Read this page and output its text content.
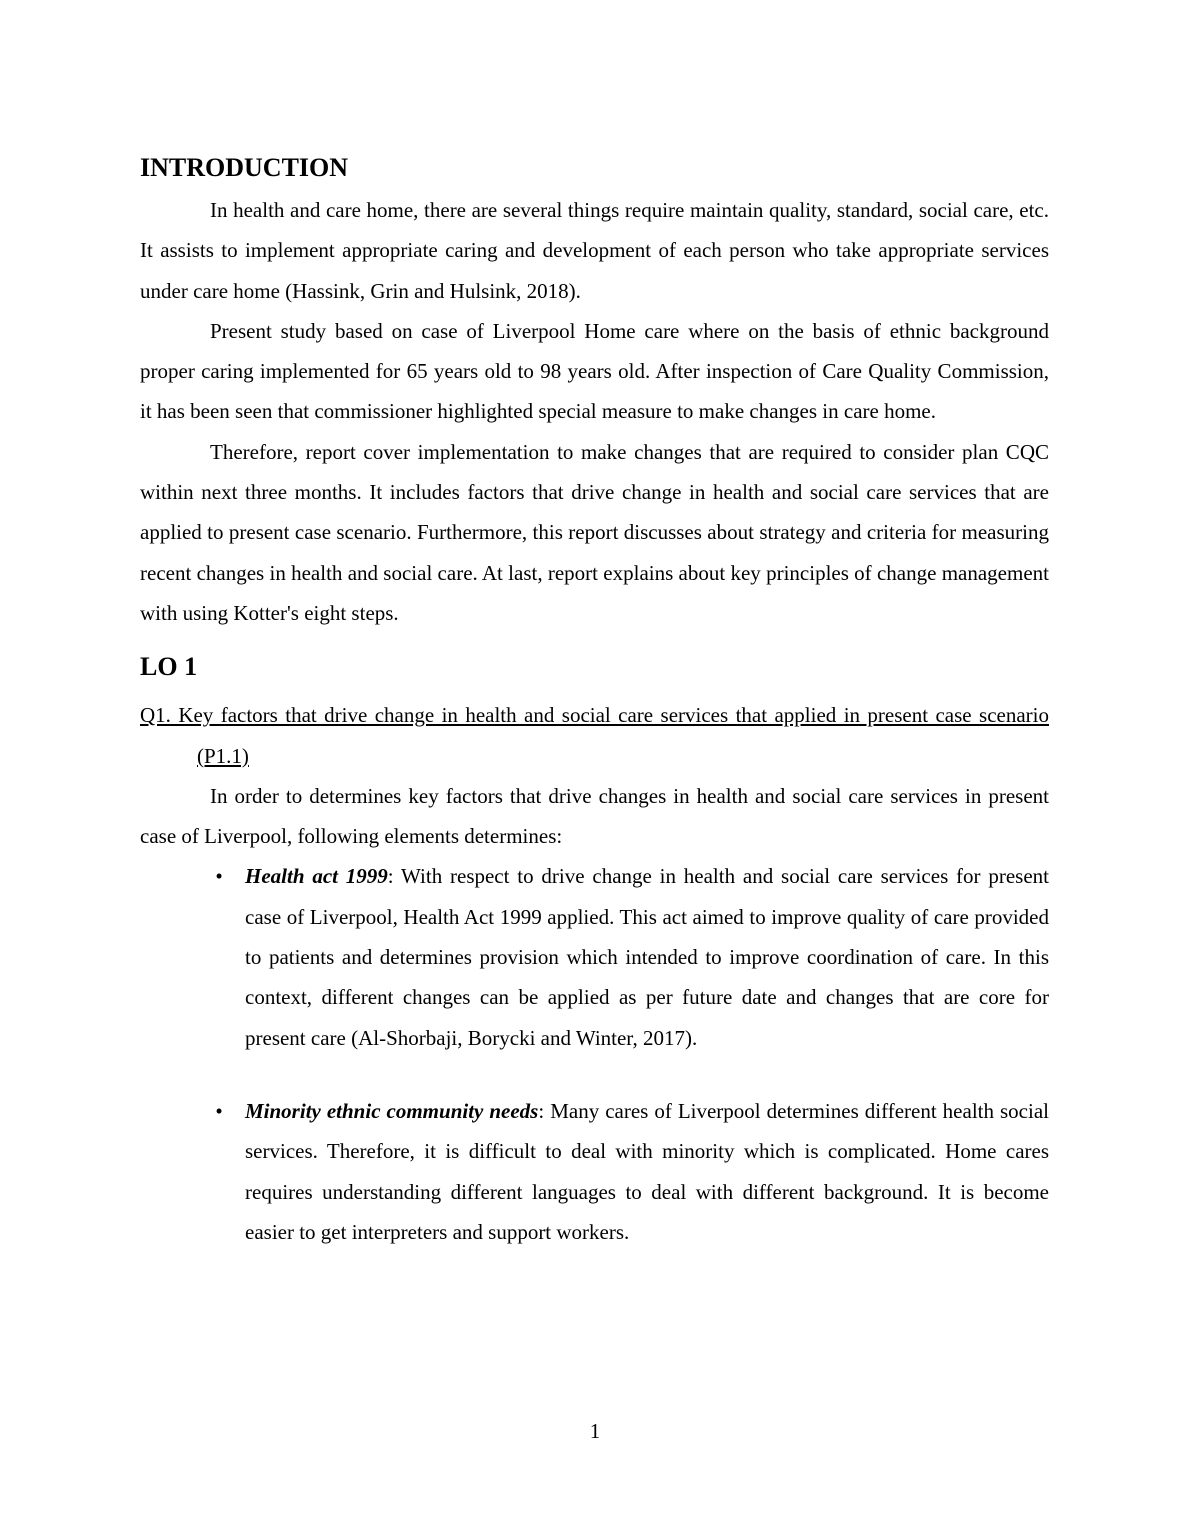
INTRODUCTION

In health and care home, there are several things require maintain quality, standard, social care, etc. It assists to implement appropriate caring and development of each person who take appropriate services under care home (Hassink, Grin and Hulsink, 2018).

Present study based on case of Liverpool Home care where on the basis of ethnic background proper caring implemented for 65 years old to 98 years old. After inspection of Care Quality Commission, it has been seen that commissioner highlighted special measure to make changes in care home.

Therefore, report cover implementation to make changes that are required to consider plan CQC within next three months. It includes factors that drive change in health and social care services that are applied to present case scenario. Furthermore, this report discusses about strategy and criteria for measuring recent changes in health and social care. At last, report explains about key principles of change management with using Kotter's eight steps.

LO 1

Q1. Key factors that drive change in health and social care services that applied in present case scenario (P1.1)

In order to determines key factors that drive changes in health and social care services in present case of Liverpool, following elements determines:

•	Health act 1999: With respect to drive change in health and social care services for present case of Liverpool, Health Act 1999 applied. This act aimed to improve quality of care provided to patients and determines provision which intended to improve coordination of care. In this context, different changes can be applied as per future date and changes that are core for present care (Al-Shorbaji, Borycki and Winter, 2017).
•	Minority ethnic community needs: Many cares of Liverpool determines different health social services. Therefore, it is difficult to deal with minority which is complicated. Home cares requires understanding different languages to deal with different background. It is become easier to get interpreters and support workers.
1
